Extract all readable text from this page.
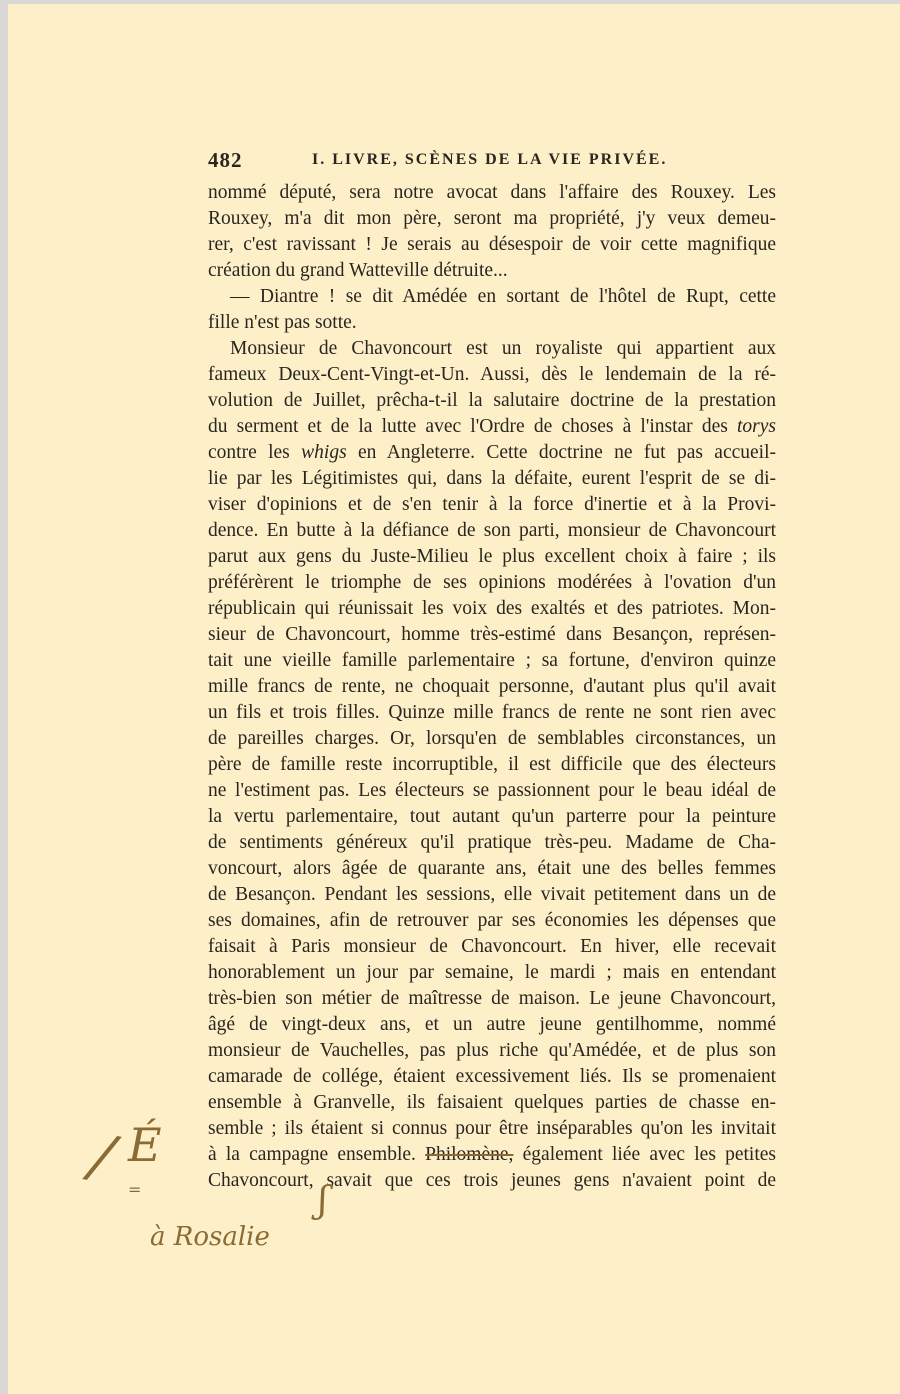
482	I. LIVRE, SCÈNES DE LA VIE PRIVÉE.
nommé député, sera notre avocat dans l'affaire des Rouxey. Les
Rouxey, m'a dit mon père, seront ma propriété, j'y veux demeu-
rer, c'est ravissant ! Je serais au désespoir de voir cette magnifique
création du grand Watteville détruite...
— Diantre ! se dit Amédée en sortant de l'hôtel de Rupt, cette
fille n'est pas sotte.
Monsieur de Chavoncourt est un royaliste qui appartient aux
fameux Deux-Cent-Vingt-et-Un. Aussi, dès le lendemain de la ré-
volution de Juillet, prêcha-t-il la salutaire doctrine de la prestation
du serment et de la lutte avec l'Ordre de choses à l'instar des torys
contre les whigs en Angleterre. Cette doctrine ne fut pas accueil-
lie par les Légitimistes qui, dans la défaite, eurent l'esprit de se di-
viser d'opinions et de s'en tenir à la force d'inertie et à la Provi-
dence. En butte à la défiance de son parti, monsieur de Chavoncourt
parut aux gens du Juste-Milieu le plus excellent choix à faire ; ils
préférèrent le triomphe de ses opinions modérées à l'ovation d'un
républicain qui réunissait les voix des exaltés et des patriotes. Mon-
sieur de Chavoncourt, homme très-estimé dans Besançon, représen-
tait une vieille famille parlementaire ; sa fortune, d'environ quinze
mille francs de rente, ne choquait personne, d'autant plus qu'il avait
un fils et trois filles. Quinze mille francs de rente ne sont rien avec
de pareilles charges. Or, lorsqu'en de semblables circonstances, un
père de famille reste incorruptible, il est difficile que des électeurs
ne l'estiment pas. Les électeurs se passionnent pour le beau idéal de
la vertu parlementaire, tout autant qu'un parterre pour la peinture
de sentiments généreux qu'il pratique très-peu. Madame de Cha-
voncourt, alors âgée de quarante ans, était une des belles femmes
de Besançon. Pendant les sessions, elle vivait petitement dans un de
ses domaines, afin de retrouver par ses économies les dépenses que
faisait à Paris monsieur de Chavoncourt. En hiver, elle recevait
honorablement un jour par semaine, le mardi ; mais en entendant
très-bien son métier de maîtresse de maison. Le jeune Chavoncourt,
âgé de vingt-deux ans, et un autre jeune gentilhomme, nommé
monsieur de Vauchelles, pas plus riche qu'Amédée, et de plus son
camarade de collége, étaient excessivement liés. Ils se promenaient
ensemble à Granvelle, ils faisaient quelques parties de chasse en-
semble ; ils étaient si connus pour être inséparables qu'on les invitait
à la campagne ensemble. Philomène, également liée avec les petites
Chavoncourt, savait que ces trois jeunes gens n'avaient point de
/ É
=
à Rosalie
ʃ
